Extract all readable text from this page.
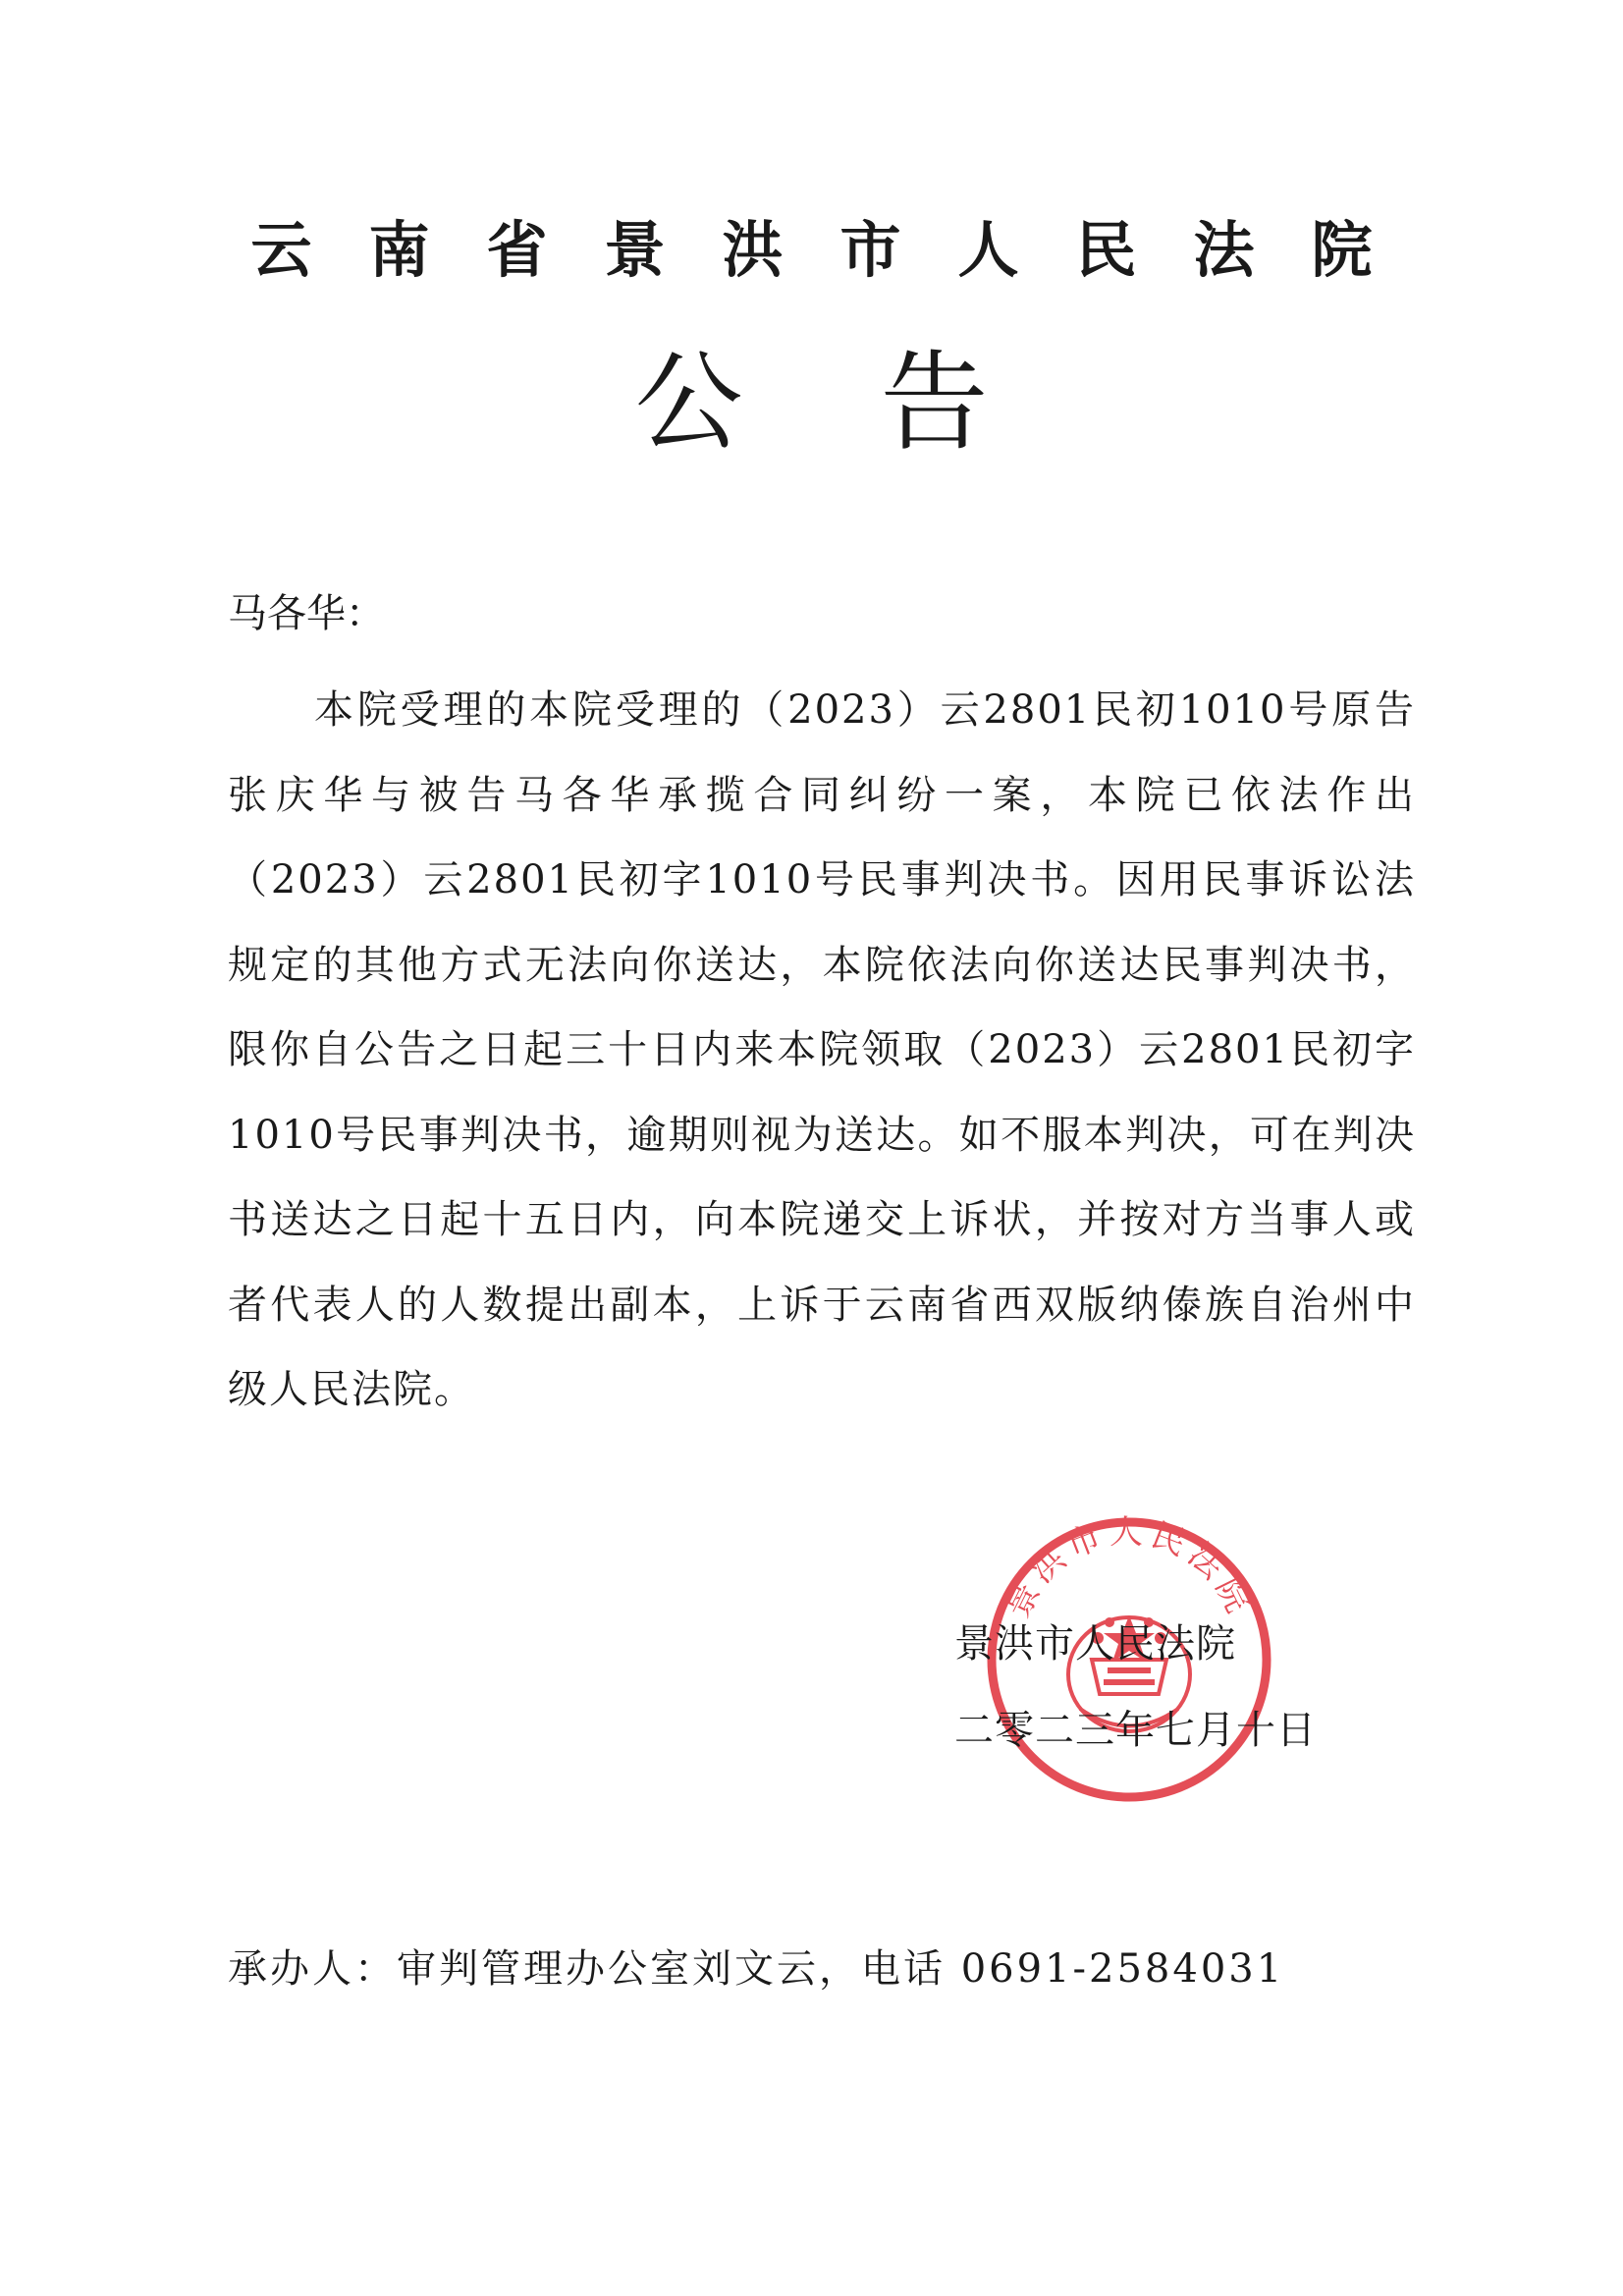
云南省景洪市人民法院
公告
马各华：
本院受理的本院受理的（2023）云2801民初1010号原告张庆华与被告马各华承揽合同纠纷一案，本院已依法作出（2023）云2801民初字1010号民事判决书。因用民事诉讼法规定的其他方式无法向你送达，本院依法向你送达民事判决书，限你自公告之日起三十日内来本院领取（2023）云2801民初字1010号民事判决书，逾期则视为送达。如不服本判决，可在判决书送达之日起十五日内，向本院递交上诉状，并按对方当事人或者代表人的人数提出副本，上诉于云南省西双版纳傣族自治州中级人民法院。
景洪市人民法院
景洪市人民法院
二零二三年七月十日
承办人：审判管理办公室刘文云，电话 0691-2584031
